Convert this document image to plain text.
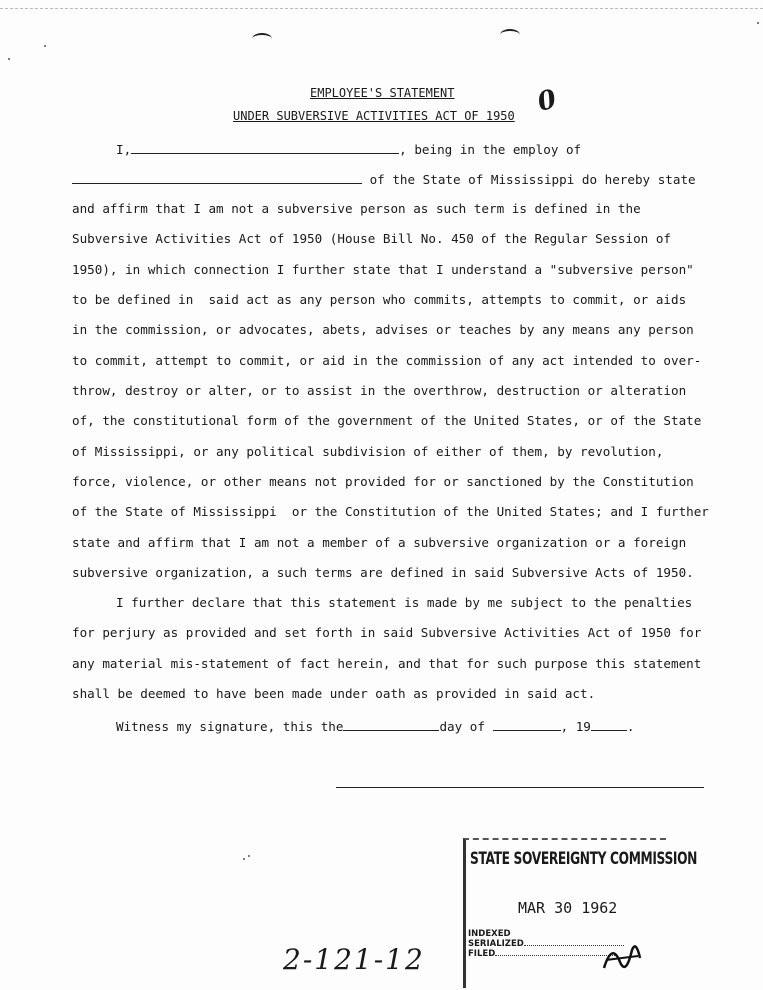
EMPLOYEE'S STATEMENT
UNDER SUBVERSIVE ACTIVITIES ACT OF 1950 0
I,	, being in the employ of
of the State of Mississippi do hereby state
and affirm that I am not a subversive person as such term is defined in the
Subversive Activities Act of 1950 (House Bill No. 450 of the Regular Session of
1950), in which connection I further state that I understand a "subversive person"
to be defined in  said act as any person who commits, attempts to commit, or aids
in the commission, or advocates, abets, advises or teaches by any means any person
to commit, attempt to commit, or aid in the commission of any act intended to over-
throw, destroy or alter, or to assist in the overthrow, destruction or alteration
of, the constitutional form of the government of the United States, or of the State
of Mississippi, or any political subdivision of either of them, by revolution,
force, violence, or other means not provided for or sanctioned by the Constitution
of the State of Mississippi  or the Constitution of the United States; and I further
state and affirm that I am not a member of a subversive organization or a foreign
subversive organization, a such terms are defined in said Subversive Acts of 1950.
I further declare that this statement is made by me subject to the penalties
for perjury as provided and set forth in said Subversive Activities Act of 1950 for
any material mis-statement of fact herein, and that for such purpose this statement
shall be deemed to have been made under oath as provided in said act.
Witness my signature, this the	day of	, 19	.
STATE SOVEREIGNTY COMMISSION
MAR 30 1962
INDEXED
SERIALIZED
FILED
2-121-12
